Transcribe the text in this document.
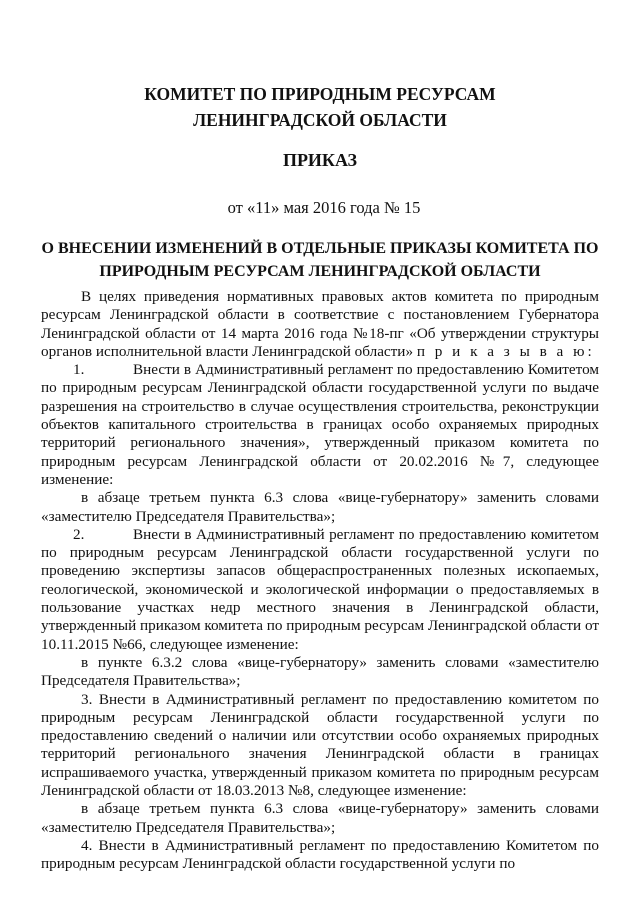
КОМИТЕТ ПО ПРИРОДНЫМ РЕСУРСАМ
ЛЕНИНГРАДСКОЙ ОБЛАСТИ
ПРИКАЗ
от «11» мая 2016 года № 15
О ВНЕСЕНИИ ИЗМЕНЕНИЙ В ОТДЕЛЬНЫЕ ПРИКАЗЫ КОМИТЕТА ПО
ПРИРОДНЫМ РЕСУРСАМ ЛЕНИНГРАДСКОЙ ОБЛАСТИ

В целях приведения нормативных правовых актов комитета по природным ресурсам Ленинградской области в соответствие с постановлением Губернатора Ленинградской области от 14 марта 2016 года №18-пг «Об утверждении структуры органов исполнительной власти Ленинградской области» п р и к а з ы в а ю:

1.	Внести в Административный регламент по предоставлению Комитетом по природным ресурсам Ленинградской области государственной услуги по выдаче разрешения на строительство в случае осуществления строительства, реконструкции объектов капитального строительства в границах особо охраняемых природных территорий регионального значения», утвержденный приказом комитета по природным ресурсам Ленинградской области от 20.02.2016 №7, следующее изменение:

в абзаце третьем пункта 6.3 слова «вице-губернатору» заменить словами «заместителю Председателя Правительства»;

2.	Внести в Административный регламент по предоставлению комитетом по природным ресурсам Ленинградской области государственной услуги по проведению экспертизы запасов общераспространенных полезных ископаемых, геологической, экономической и экологической информации о предоставляемых в пользование участках недр местного значения в Ленинградской области, утвержденный приказом комитета по природным ресурсам Ленинградской области от 10.11.2015 №66, следующее изменение:

в пункте 6.3.2 слова «вице-губернатору» заменить словами «заместителю Председателя Правительства»;

3. Внести в Административный регламент по предоставлению комитетом по природным ресурсам Ленинградской области государственной услуги по предоставлению сведений о наличии или отсутствии особо охраняемых природных территорий регионального значения Ленинградской области в границах испрашиваемого участка, утвержденный приказом комитета по природным ресурсам Ленинградской области от 18.03.2013 №8, следующее изменение:

в абзаце третьем пункта 6.3 слова «вице-губернатору» заменить словами «заместителю Председателя Правительства»;

4. Внести в Административный регламент по предоставлению Комитетом по природным ресурсам Ленинградской области государственной услуги по
